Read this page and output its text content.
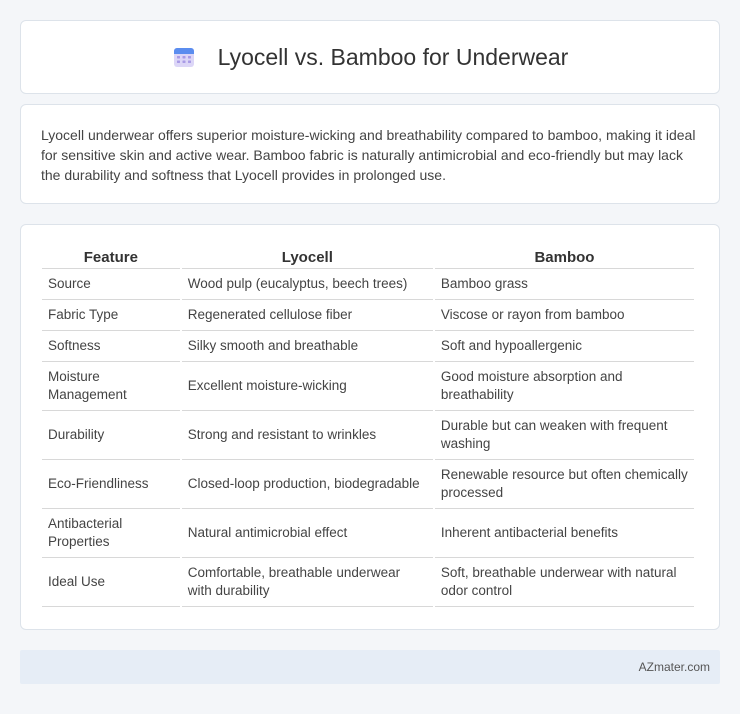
Lyocell vs. Bamboo for Underwear

Lyocell underwear offers superior moisture-wicking and breathability compared to bamboo, making it ideal for sensitive skin and active wear. Bamboo fabric is naturally antimicrobial and eco-friendly but may lack the durability and softness that Lyocell provides in prolonged use.

Feature	Lyocell	Bamboo
Source	Wood pulp (eucalyptus, beech trees)	Bamboo grass
Fabric Type	Regenerated cellulose fiber	Viscose or rayon from bamboo
Softness	Silky smooth and breathable	Soft and hypoallergenic
Moisture Management	Excellent moisture-wicking	Good moisture absorption and breathability
Durability	Strong and resistant to wrinkles	Durable but can weaken with frequent washing
Eco-Friendliness	Closed-loop production, biodegradable	Renewable resource but often chemically processed
Antibacterial Properties	Natural antimicrobial effect	Inherent antibacterial benefits
Ideal Use	Comfortable, breathable underwear with durability	Soft, breathable underwear with natural odor control
AZmater.com
